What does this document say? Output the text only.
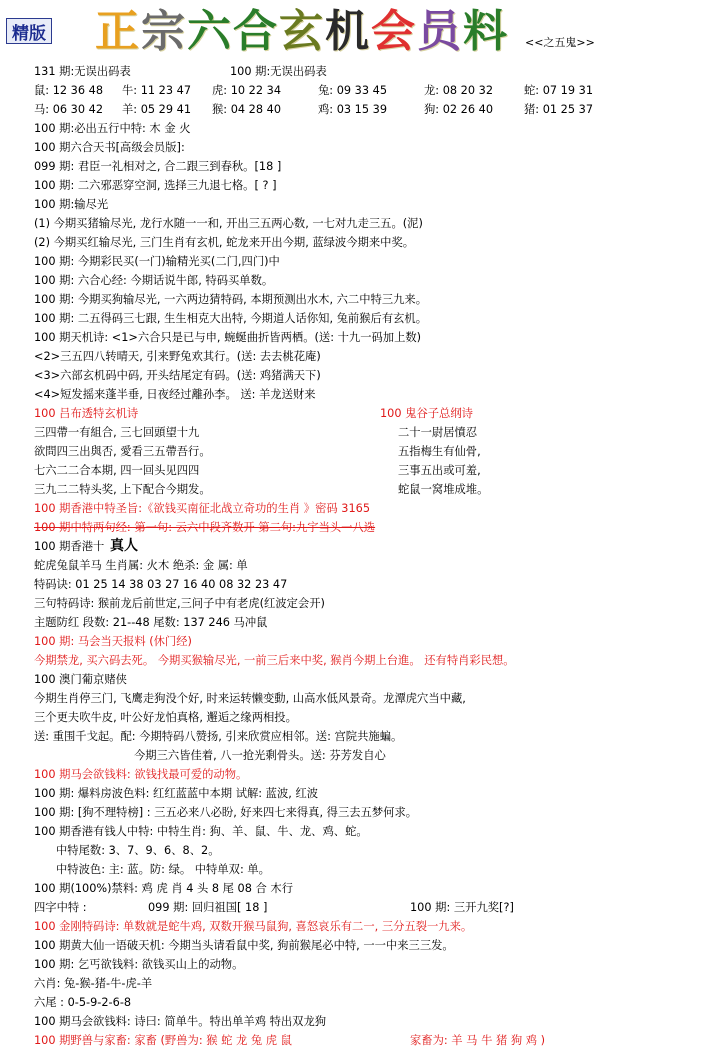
精版 正宗六合玄机会员料 <<之五鬼>>
131 期:无误出码表	100 期:无误出码表
鼠: 12 36 48 牛: 11 23 47 虎: 10 22 34	兔: 09 33 45	龙: 08 20 32	蛇: 07 19 31
马: 06 30 42 羊: 05 29 41 猴: 04 28 40	鸡: 03 15 39	狗: 02 26 40	猪: 01 25 37
100 期:必出五行中特: 木 金 火
100 期六合天书[高级会员版]:
099 期: 君臣一礼相对之, 合二跟三到春秋。[18 ]
100 期: 二六邪恶穿空洞, 选择三九退七格。[ ? ]
100 期:输尽光
(1) 今期买猪输尽光, 龙行水随一一和, 开出三五两心数, 一七对九走三五。(泥)
(2) 今期买红输尽光, 三门生肖有玄机, 蛇龙来开出今期, 蓝绿波今期来中奖。
100 期: 今期彩民买(一门)输精光买(二门,四门)中
100 期: 六合心经: 今期话说牛郎, 特码买单数。
100 期: 今期买狗输尽光, 一六两边猜特码, 本期预测出水木, 六二中特三九来。
100 期: 二五得码三七跟, 生生相克大出特, 今期道人话你知, 兔前猴后有玄机。
100 期天机诗: <1>六合只是已与申, 蜿蜒曲折皆两栖。(送: 十九一码加上数)
<2>三五四八转晴天, 引来野兔欢其行。(送: 去去桃花庵)
<3>六部玄机码中码, 开头结尾定有码。(送: 鸡猪满天下)
<4>短发摇来蓬半垂, 日夜经过離孙李。 送: 羊龙送财来
100 吕布透特玄机诗	100 鬼谷子总纲诗
三四帶一有組合, 三七回頭望十九	二十一尉居憤忍
欲問四三出與否, 愛看三五帶吾行。	五指梅生有仙骨,
七六二二合本期, 四一回头见四四	三事五出或可羞,
三九二二特头奖, 上下配合今期发。	蛇鼠一窝堆成堆。
100 期香港中特圣旨:《欲钱买南征北战立奇功的生肖 》密码 3165
100 期中特两句经: 第一句: 云六中段齐数开 第二句:九宇当头一八选
100 期香港十 真人
蛇虎兔鼠羊马 生肖属: 火木 绝杀: 金 属: 单
特码诀: 01 25 14 38 03 27 16 40 08 32 23 47
三句特码诗: 猴前龙后前世定,三问子中有老虎(红波定会开)
主题防红 段数: 21--48 尾数: 137 246 马冲鼠
100 期: 马会当天报料 (休门经)
今期禁龙, 买六码去死。 今期买猴输尽光, 一前三后来中奖, 猴肖今期上台進。 还有特肖彩民想。
100 澳门葡京赌侠
今期生肖停三门, 飞鹰走狗没个好, 时来运转懒变動, 山高水低风景奇。龙潭虎穴当中藏,
三个更夫吹牛皮, 叶公好龙怕真格, 邂逅之缘两相投。
送: 重围千戈起。配: 今期特码八赞扬, 引来欣赏应相邻。送: 宫院共施蝙。
今期三六皆佳着, 八一抢光剩骨头。送: 芬芳发自心
100 期马会欲钱料: 欲钱找最可爱的动物。
100 期: 爆料房波色料: 红红蓝蓝中本期 试解: 蓝波, 红波
100 期: [狗不理特榜] : 三五必来八必盼, 好来四七来得真, 得三去五梦何求。
100 期香港有钱人中特: 中特生肖: 狗、羊、鼠、牛、龙、鸡、蛇。
中特尾数: 3、7、9、6、8、2。
中特波色: 主: 蓝。防: 绿。 中特单双: 单。
100 期(100%)禁料: 鸡 虎 肖 4 头 8 尾 08 合 木行
四字中特 :	099 期: 回归祖国[ 18 ]	100 期: 三开九奖[?]
100 金刚特码诗: 单数就是蛇牛鸡, 双数开猴马鼠狗, 喜怒哀乐有二一, 三分五裂一九来。
100 期黄大仙一语破天机: 今期当头请看鼠中奖, 狗前猴尾必中特, 一一中来三三发。
100 期: 乞丐欲钱料: 欲钱买山上的动物。
六肖: 兔-猴-猪-牛-虎-羊
六尾 : 0-5-9-2-6-8
100 期马会欲钱料: 诗曰: 简单牛。特出单羊鸡 特出双龙狗
100 期野兽与家畜: 家畜 (野兽为: 猴 蛇 龙 兔 虎 鼠	家畜为: 羊 马 牛 猪 狗 鸡 )
